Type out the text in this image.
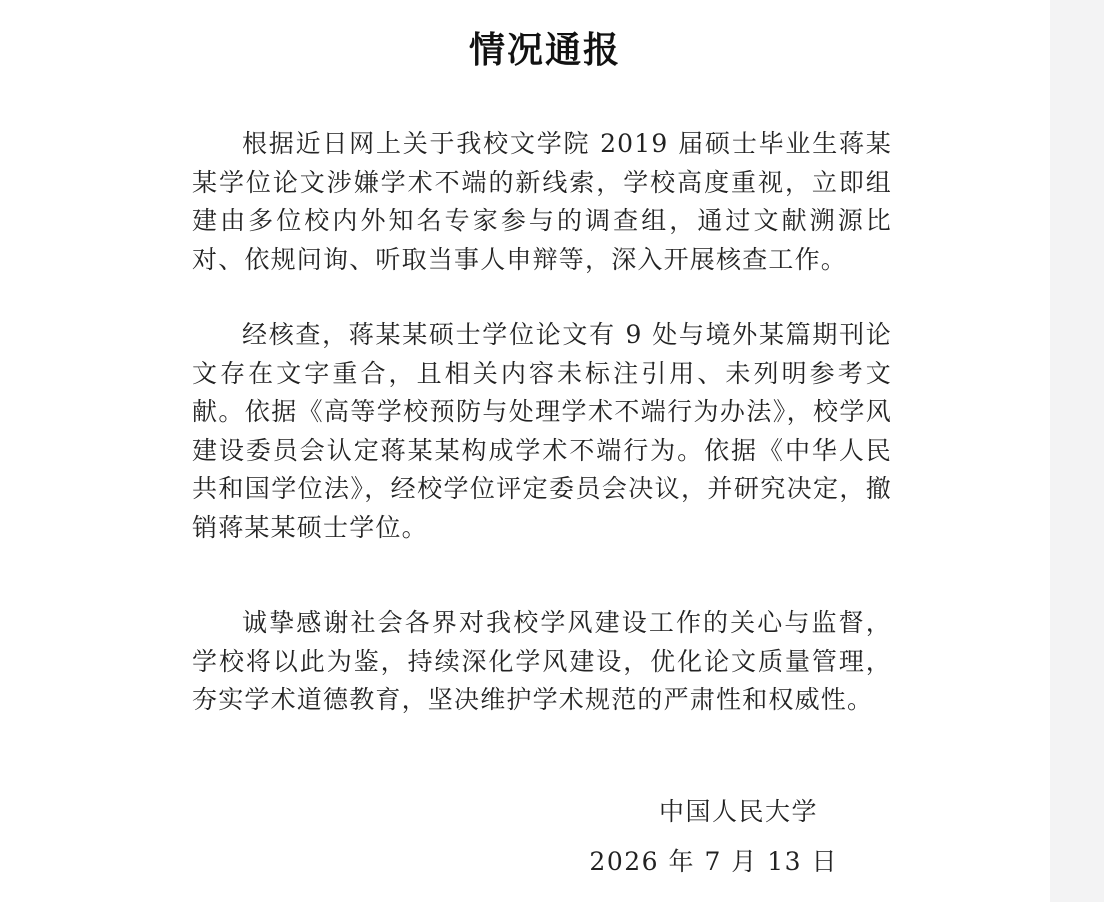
情况通报

根据近日网上关于我校文学院 2019 届硕士毕业生蒋某某学位论文涉嫌学术不端的新线索，学校高度重视，立即组建由多位校内外知名专家参与的调查组，通过文献溯源比对、依规问询、听取当事人申辩等，深入开展核查工作。

经核查，蒋某某硕士学位论文有 9 处与境外某篇期刊论文存在文字重合，且相关内容未标注引用、未列明参考文献。依据《高等学校预防与处理学术不端行为办法》，校学风建设委员会认定蒋某某构成学术不端行为。依据《中华人民共和国学位法》，经校学位评定委员会决议，并研究决定，撤销蒋某某硕士学位。

诚挚感谢社会各界对我校学风建设工作的关心与监督，学校将以此为鉴，持续深化学风建设，优化论文质量管理，夯实学术道德教育，坚决维护学术规范的严肃性和权威性。

中国人民大学
2026 年 7 月 13 日
